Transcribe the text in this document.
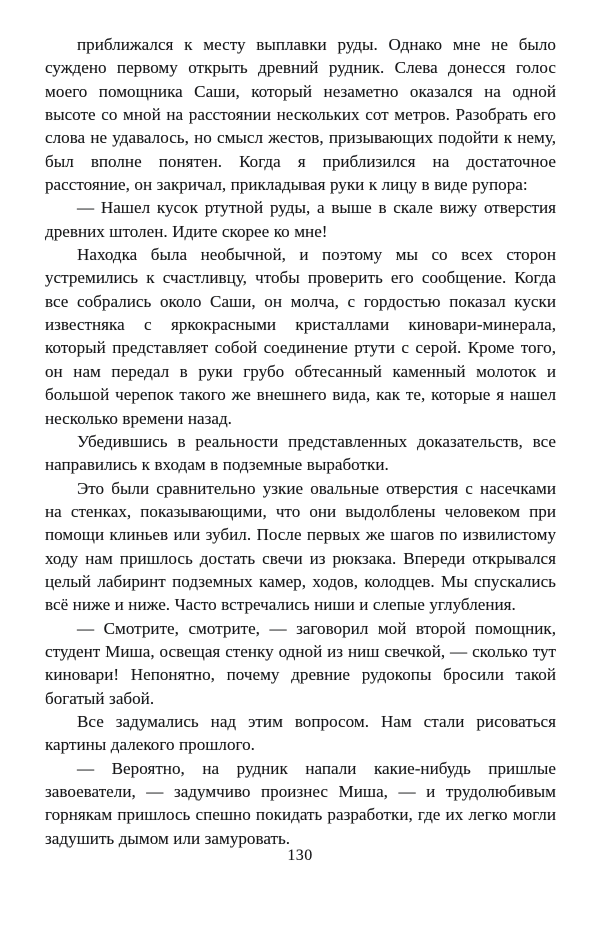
приближался к месту выплавки руды. Однако мне не было суждено первому открыть древний рудник. Слева донесся голос моего помощника Саши, который незаметно оказался на одной высоте со мной на расстоянии нескольких сот метров. Разобрать его слова не удавалось, но смысл жестов, призывающих подойти к нему, был вполне понятен. Когда я приблизился на достаточное расстояние, он закричал, прикладывая руки к лицу в виде рупора:

— Нашел кусок ртутной руды, а выше в скале вижу отверстия древних штолен. Идите скорее ко мне!

Находка была необычной, и поэтому мы со всех сторон устремились к счастливцу, чтобы проверить его сообщение. Когда все собрались около Саши, он молча, с гордостью показал куски известняка с яркокрасными кристаллами киновари-минерала, который представляет собой соединение ртути с серой. Кроме того, он нам передал в руки грубо обтесанный каменный молоток и большой черепок такого же внешнего вида, как те, которые я нашел несколько времени назад.

Убедившись в реальности представленных доказательств, все направились к входам в подземные выработки.

Это были сравнительно узкие овальные отверстия с насечками на стенках, показывающими, что они выдолблены человеком при помощи клиньев или зубил. После первых же шагов по извилистому ходу нам пришлось достать свечи из рюкзака. Впереди открывался целый лабиринт подземных камер, ходов, колодцев. Мы спускались всё ниже и ниже. Часто встречались ниши и слепые углубления.

— Смотрите, смотрите, — заговорил мой второй помощник, студент Миша, освещая стенку одной из ниш свечкой, — сколько тут киновари! Непонятно, почему древние рудокопы бросили такой богатый забой.

Все задумались над этим вопросом. Нам стали рисоваться картины далекого прошлого.

— Вероятно, на рудник напали какие-нибудь пришлые завоеватели, — задумчиво произнес Миша, — и трудолюбивым горнякам пришлось спешно покидать разработки, где их легко могли задушить дымом или замуровать.

130
